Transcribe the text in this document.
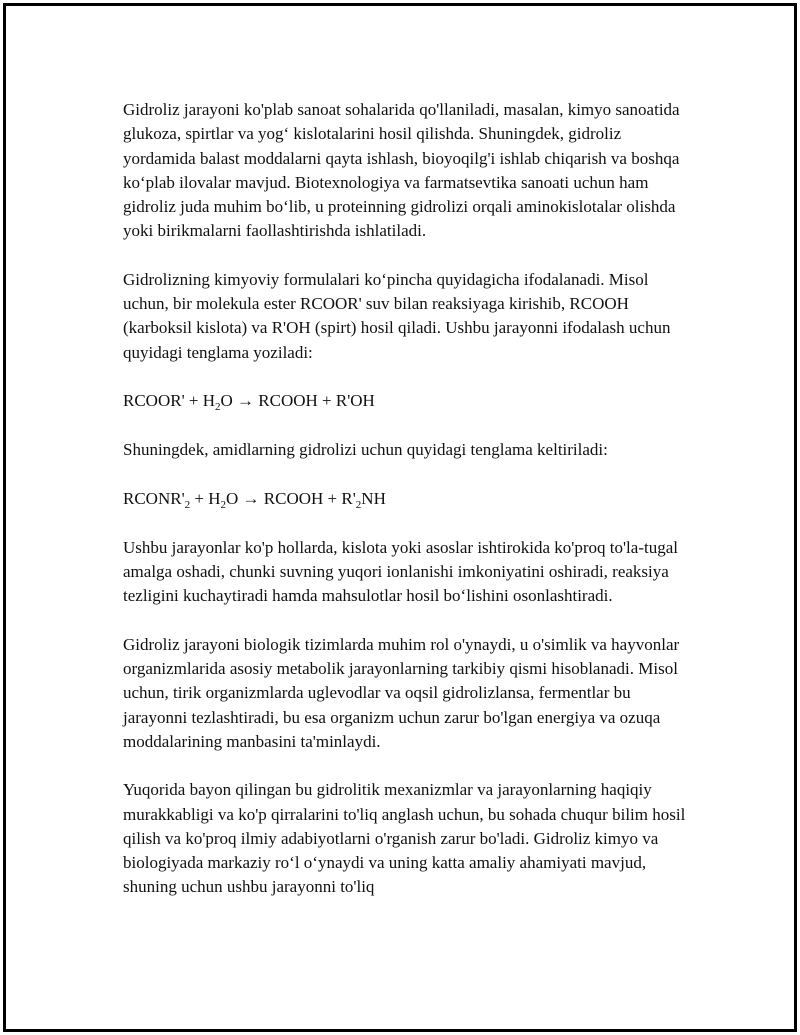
Gidroliz jarayoni ko'plab sanoat sohalarida qo'llaniladi, masalan, kimyo sanoatida glukoza, spirtlar va yog‘ kislotalarini hosil qilishda. Shuningdek, gidroliz yordamida balast moddalarni qayta ishlash, bioyoqilg'i ishlab chiqarish va boshqa ko‘plab ilovalar mavjud. Biotexnologiya va farmatsevtika sanoati uchun ham gidroliz juda muhim bo‘lib, u proteinning gidrolizi orqali aminokislotalar olishda yoki birikmalarni faollashtirishda ishlatiladi.

Gidrolizning kimyoviy formulalari ko‘pincha quyidagicha ifodalanadi. Misol uchun, bir molekula ester RCOOR' suv bilan reaksiyaga kirishib, RCOOH (karboksil kislota) va R'OH (spirt) hosil qiladi. Ushbu jarayonni ifodalash uchun quyidagi tenglama yoziladi:

RCOOR' + $H_2O$ → RCOOH + R'OH

Shuningdek, amidlarning gidrolizi uchun quyidagi tenglama keltiriladi:

$RCONR'_2 + H_2O$ → RCOOH + $R'_2NH$

Ushbu jarayonlar ko'p hollarda, kislota yoki asoslar ishtirokida ko'proq to'la-tugal amalga oshadi, chunki suvning yuqori ionlanishi imkoniyatini oshiradi, reaksiya tezligini kuchaytiradi hamda mahsulotlar hosil bo‘lishini osonlashtiradi.

Gidroliz jarayoni biologik tizimlarda muhim rol o'ynaydi, u o'simlik va hayvonlar organizmlarida asosiy metabolik jarayonlarning tarkibiy qismi hisoblanadi. Misol uchun, tirik organizmlarda uglevodlar va oqsil gidrolizlansa, fermentlar bu jarayonni tezlashtiradi, bu esa organizm uchun zarur bo'lgan energiya va ozuqa moddalarining manbasini ta'minlaydi.

Yuqorida bayon qilingan bu gidrolitik mexanizmlar va jarayonlarning haqiqiy murakkabligi va ko'p qirralarini to'liq anglash uchun, bu sohada chuqur bilim hosil qilish va ko'proq ilmiy adabiyotlarni o'rganish zarur bo'ladi. Gidroliz kimyo va biologiyada markaziy ro‘l o‘ynaydi va uning katta amaliy ahamiyati mavjud, shuning uchun ushbu jarayonni to'liq
